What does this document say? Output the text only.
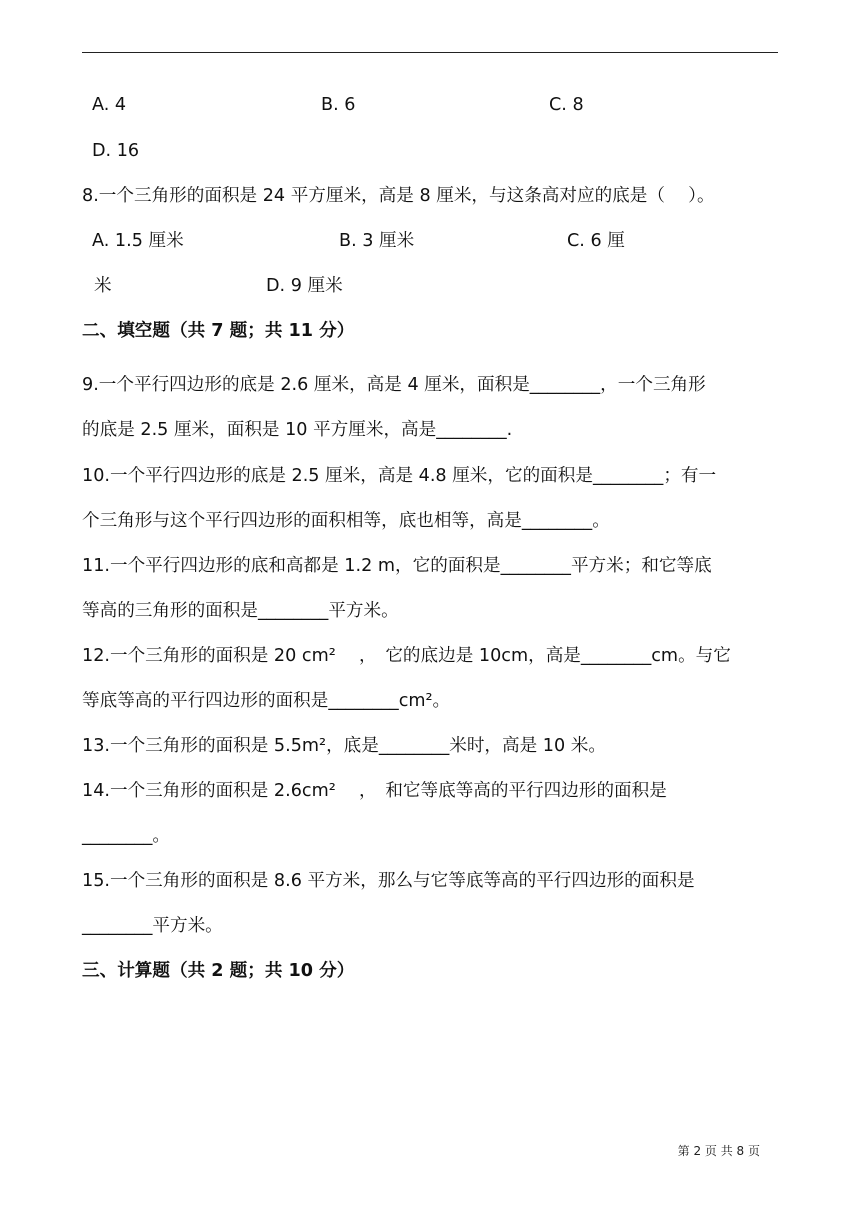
A. 4	B. 6	C. 8
D. 16
8.一个三角形的面积是 24 平方厘米，高是 8 厘米，与这条高对应的底是（　 ）。
A. 1.5 厘米	B. 3 厘米	C. 6 厘
米	D. 9 厘米
二、填空题（共 7 题；共 11 分）
9.一个平行四边形的底是 2.6 厘米，高是 4 厘米，面积是________，一个三角形
的底是 2.5 厘米，面积是 10 平方厘米，高是________.
10.一个平行四边形的底是 2.5 厘米，高是 4.8 厘米，它的面积是________；有一
个三角形与这个平行四边形的面积相等，底也相等，高是________。
11.一个平行四边形的底和高都是 1.2 m，它的面积是________平方米；和它等底
等高的三角形的面积是________平方米。
12.一个三角形的面积是 20 cm²　 ，　它的底边是 10cm，高是________cm。与它
等底等高的平行四边形的面积是________cm²。
13.一个三角形的面积是 5.5m²，底是________米时，高是 10 米。
14.一个三角形的面积是 2.6cm²　 ，　和它等底等高的平行四边形的面积是
________。
15.一个三角形的面积是 8.6 平方米，那么与它等底等高的平行四边形的面积是
________平方米。
三、计算题（共 2 题；共 10 分）
第 2 页 共 8 页
